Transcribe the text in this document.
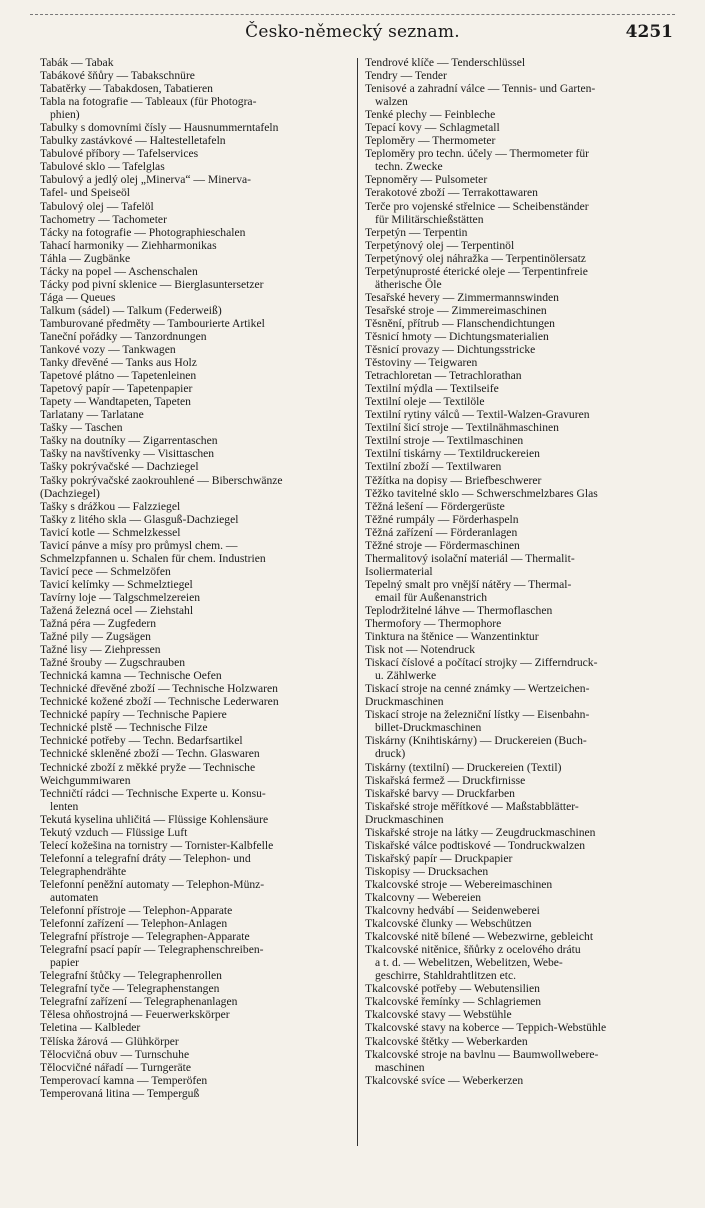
Česko-německý seznam.	4251
Tabák — Tabak
Tabákové šňůry — Tabakschnüre
Tabatěrky — Tabakdosen, Tabatieren
Tabla na fotografie — Tableaux (für Photogra-
phien)
Tabulky s domovními čísly — Hausnummerntafeln
Tabulky zastávkové — Haltestelletafeln
Tabulové příbory — Tafelservices
Tabulové sklo — Tafelglas
Tabulový a jedlý olej „Minerva“ — Minerva-
Tafel- und Speiseöl
Tabulový olej — Tafelöl
Tachometry — Tachometer
Tácky na fotografie — Photographieschalen
Tahací harmoniky — Ziehharmonikas
Táhla — Zugbänke
Tácky na popel — Aschenschalen
Tácky pod pivní sklenice — Bierglasuntersetzer
Tága — Queues
Talkum (sádel) — Talkum (Federweiß)
Tamburované předměty — Tambourierte Artikel
Taneční pořádky — Tanzordnungen
Tankové vozy — Tankwagen
Tanky dřevěné — Tanks aus Holz
Tapetové plátno — Tapetenleinen
Tapetový papír — Tapetenpapier
Tapety — Wandtapeten, Tapeten
Tarlatany — Tarlatane
Tašky — Taschen
Tašky na doutníky — Zigarrentaschen
Tašky na navštívenky — Visittaschen
Tašky pokrývačské — Dachziegel
Tašky pokrývačské zaokrouhlené — Biberschwänze
(Dachziegel)
Tašky s drážkou — Falzziegel
Tašky z litého skla — Glasguß-Dachziegel
Tavicí kotle — Schmelzkessel
Tavicí pánve a mísy pro průmysl chem. —
Schmelzpfannen u. Schalen für chem. Industrien
Tavicí pece — Schmelzöfen
Tavicí kelímky — Schmelztiegel
Tavírny loje — Talgschmelzereien
Tažená železná ocel — Ziehstahl
Tažná péra — Zugfedern
Tažné pily — Zugsägen
Tažné lisy — Ziehpressen
Tažné šrouby — Zugschrauben
Technická kamna — Technische Oefen
Technické dřevěné zboží — Technische Holzwaren
Technické kožené zboží — Technische Lederwaren
Technické papíry — Technische Papiere
Technické plstě — Technische Filze
Technické potřeby — Techn. Bedarfsartikel
Technické skleněné zboží — Techn. Glaswaren
Technické zboží z měkké pryže — Technische
Weichgummiwaren
Techničtí rádci — Technische Experte u. Konsu-
lenten
Tekutá kyselina uhličitá — Flüssige Kohlensäure
Tekutý vzduch — Flüssige Luft
Telecí kožešina na tornistry — Tornister-Kalbfelle
Telefonní a telegrafní dráty — Telephon- und
Telegraphendrähte
Telefonní peněžní automaty — Telephon-Münz-
automaten
Telefonní přístroje — Telephon-Apparate
Telefonní zařízení — Telephon-Anlagen
Telegrafní přístroje — Telegraphen-Apparate
Telegrafní psací papír — Telegraphenschreiben-
papier
Telegrafní štůčky — Telegraphenrollen
Telegrafní tyče — Telegraphenstangen
Telegrafní zařízení — Telegraphenanlagen
Tělesa ohňostrojná — Feuerwerkskörper
Teletina — Kalbleder
Tělíska žárová — Glühkörper
Tělocvičná obuv — Turnschuhe
Tělocvičné nářadí — Turngeräte
Temperovací kamna — Temperöfen
Temperovaná litina — Temperguß
Tendrové klíče — Tenderschlüssel
Tendry — Tender
Tenisové a zahradní válce — Tennis- und Garten-
walzen
Tenké plechy — Feinbleche
Tepací kovy — Schlagmetall
Teploměry — Thermometer
Teploměry pro techn. účely — Thermometer für
techn. Zwecke
Tepnoměry — Pulsometer
Terakotové zboží — Terrakottawaren
Terče pro vojenské střelnice — Scheibenständer
für Militärschießstätten
Terpetýn — Terpentin
Terpetýnový olej — Terpentinöl
Terpetýnový olej náhražka — Terpentinölersatz
Terpetýnuprosté éterické oleje — Terpentinfreie
ätherische Öle
Tesařské hevery — Zimmermannswinden
Tesařské stroje — Zimmereimaschinen
Těsnění, přítrub — Flanschendichtungen
Těsnicí hmoty — Dichtungsmaterialien
Těsnicí provazy — Dichtungsstricke
Těstoviny — Teigwaren
Tetrachloretan — Tetrachlorathan
Textilní mýdla — Textilseife
Textilní oleje — Textilöle
Textilní rytiny válců — Textil-Walzen-Gravuren
Textilní šicí stroje — Textilnähmaschinen
Textilní stroje — Textilmaschinen
Textilní tiskárny — Textildruckereien
Textilní zboží — Textilwaren
Těžítka na dopisy — Briefbeschwerer
Těžko tavitelné sklo — Schwerschmelzbares Glas
Těžná lešení — Fördergerüste
Těžné rumpály — Förderhaspeln
Těžná zařízení — Förderanlagen
Těžné stroje — Fördermaschinen
Thermalitový isolační materiál — Thermalit-
Isoliermaterial
Tepelný smalt pro vnější nátěry — Thermal-
email für Außenanstrich
Teplodržitelné láhve — Thermoflaschen
Thermofory — Thermophore
Tinktura na štěnice — Wanzentinktur
Tisk not — Notendruck
Tiskací číslové a počítací strojky — Zifferndruck-
u. Zählwerke
Tiskací stroje na cenné známky — Wertzeichen-
Druckmaschinen
Tiskací stroje na železniční lístky — Eisenbahn-
billet-Druckmaschinen
Tiskárny (Knihtiskárny) — Druckereien (Buch-
druck)
Tiskárny (textilní) — Druckereien (Textil)
Tiskařská fermež — Druckfirnisse
Tiskařské barvy — Druckfarben
Tiskařské stroje měřítkové — Maßstabblätter-
Druckmaschinen
Tiskařské stroje na látky — Zeugdruckmaschinen
Tiskařské válce podtiskové — Tondruckwalzen
Tiskařský papír — Druckpapier
Tiskopisy — Drucksachen
Tkalcovské stroje — Webereimaschinen
Tkalcovny — Webereien
Tkalcovny hedvábí — Seidenweberei
Tkalcovské člunky — Webschützen
Tkalcovské nitě bílené — Webezwirne, gebleicht
Tkalcovské nitěnice, šňůrky z ocelového drátu
a t. d. — Webelitzen, Webelitzen, Webe-
geschirre, Stahldrahtlitzen etc.
Tkalcovské potřeby — Webutensilien
Tkalcovské řemínky — Schlagriemen
Tkalcovské stavy — Webstühle
Tkalcovské stavy na koberce — Teppich-Webstühle
Tkalcovské štětky — Weberkarden
Tkalcovské stroje na bavlnu — Baumwollwebere-
maschinen
Tkalcovské svíce — Weberkerzen
